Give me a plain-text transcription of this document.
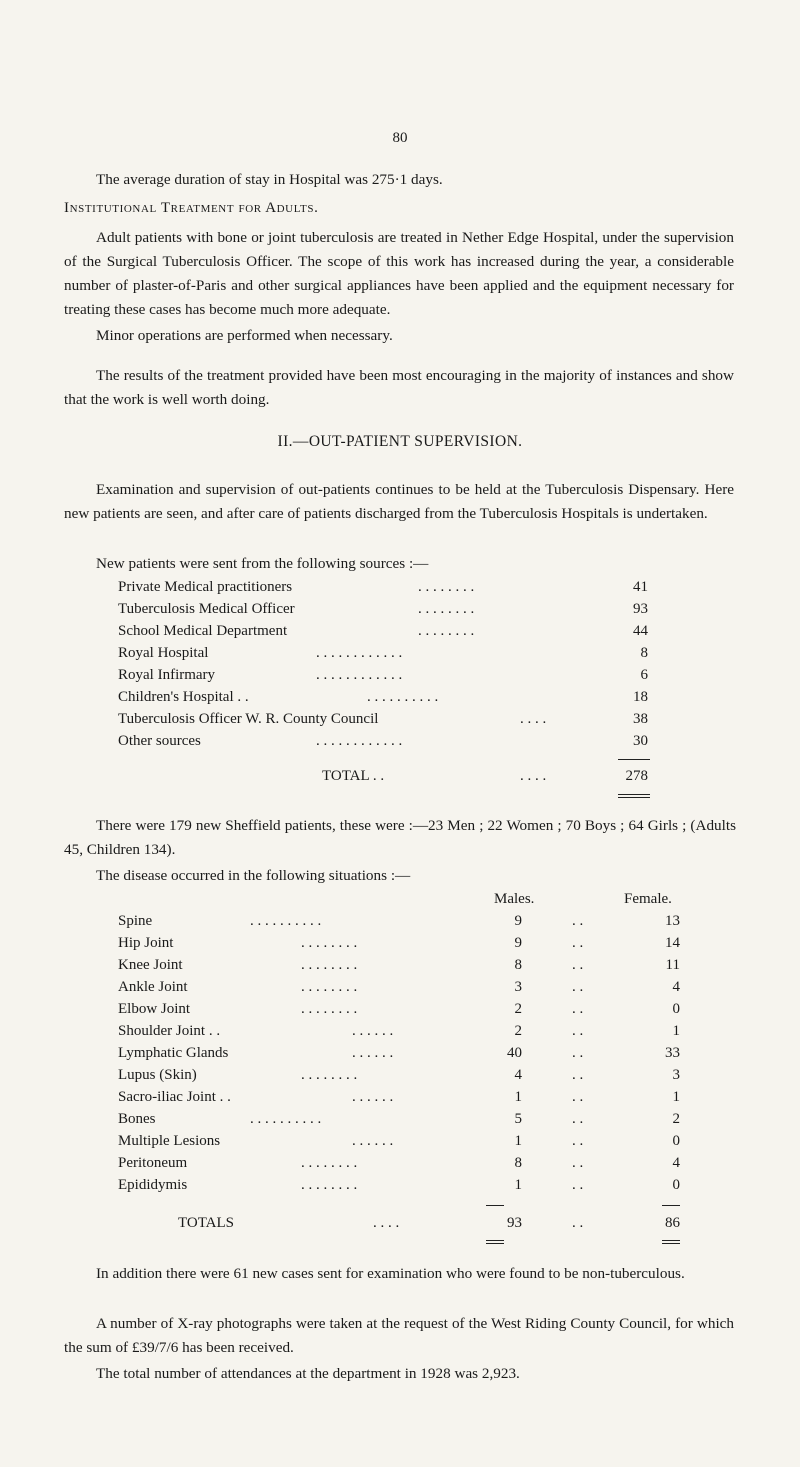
80

The average duration of stay in Hospital was 275·1 days.

Institutional Treatment for Adults.

Adult patients with bone or joint tuberculosis are treated in Nether Edge Hospital, under the supervision of the Surgical Tuberculosis Officer. The scope of this work has increased during the year, a considerable number of plaster-of-Paris and other surgical appliances have been applied and the equipment necessary for treating these cases has become much more adequate.

Minor operations are performed when necessary.

The results of the treatment provided have been most encouraging in the majority of instances and show that the work is well worth doing.

II.—OUT-PATIENT SUPERVISION.

Examination and supervision of out-patients continues to be held at the Tuberculosis Dispensary. Here new patients are seen, and after care of patients discharged from the Tuberculosis Hospitals is undertaken.

New patients were sent from the following sources :—

Private Medical practitioners	. . . . . . . .	41
Tuberculosis Medical Officer	. . . . . . . .	93
School Medical Department	. . . . . . . .	44
Royal Hospital	. . . . . . . . . . . .	8
Royal Infirmary	. . . . . . . . . . . .	6
Children's Hospital . .	. . . . . . . . . .	18
Tuberculosis Officer W. R. County Council	. . . .	38
Other sources	. . . . . . . . . . . .	30
TOTAL . .	. . . .	278

There were 179 new Sheffield patients, these were :—23 Men ; 22 Women ; 70 Boys ; 64 Girls ; (Adults 45, Children 134).

The disease occurred in the following situations :—

Males.	Female.
Spine	. . . . . . . . . .	9	. .	13
Hip Joint	. . . . . . . .	9	. .	14
Knee Joint	. . . . . . . .	8	. .	11
Ankle Joint	. . . . . . . .	3	. .	4
Elbow Joint	. . . . . . . .	2	. .	0
Shoulder Joint . .	. . . . . .	2	. .	1
Lymphatic Glands	. . . . . .	40	. .	33
Lupus (Skin)	. . . . . . . .	4	. .	3
Sacro-iliac Joint . .	. . . . . .	1	. .	1
Bones	. . . . . . . . . .	5	. .	2
Multiple Lesions	. . . . . .	1	. .	0
Peritoneum	. . . . . . . .	8	. .	4
Epididymis	. . . . . . . .	1	. .	0
TOTALS	. . . .	93	. .	86

In addition there were 61 new cases sent for examination who were found to be non-tuberculous.

A number of X-ray photographs were taken at the request of the West Riding County Council, for which the sum of £39/7/6 has been received.

The total number of attendances at the department in 1928 was 2,923.
